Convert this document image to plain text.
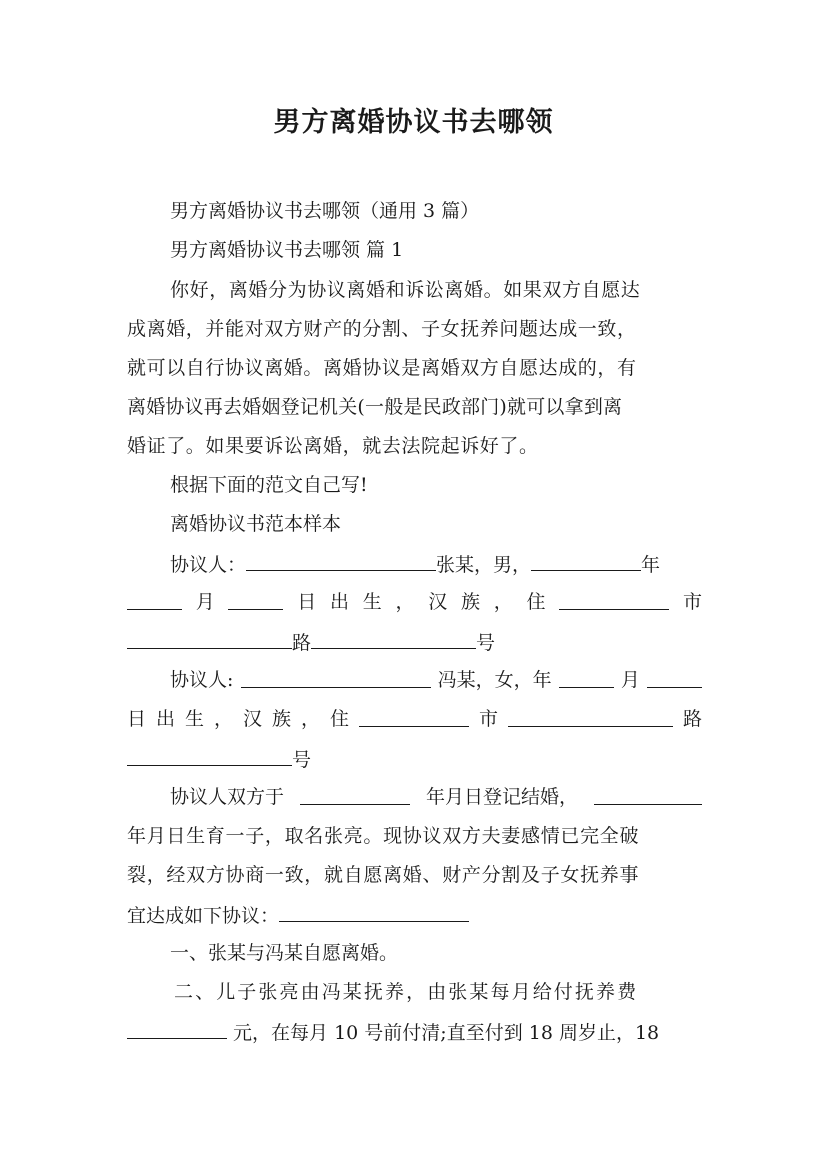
男方离婚协议书去哪领
男方离婚协议书去哪领（通用 3 篇）
男方离婚协议书去哪领 篇 1
你好，离婚分为协议离婚和诉讼离婚。如果双方自愿达
成离婚，并能对双方财产的分割、子女抚养问题达成一致，
就可以自行协议离婚。离婚协议是离婚双方自愿达成的，有
离婚协议再去婚姻登记机关(一般是民政部门)就可以拿到离
婚证了。如果要诉讼离婚，就去法院起诉好了。
根据下面的范文自己写!
离婚协议书范本样本
协议人：	张某，男，	年
月	日 出 生 ， 汉 族 ， 住	市
路	号
协议人:	冯某，女，年	月
日 出 生 ， 汉 族 ， 住	市	路
号
协议人双方于	年月日登记结婚，
年月日生育一子，取名张亮。现协议双方夫妻感情已完全破
裂，经双方协商一致，就自愿离婚、财产分割及子女抚养事
宜达成如下协议：
一、张某与冯某自愿离婚。
二、儿子张亮由冯某抚养，由张某每月给付抚养费
元，在每月 10 号前付清;直至付到 18 周岁止，18
